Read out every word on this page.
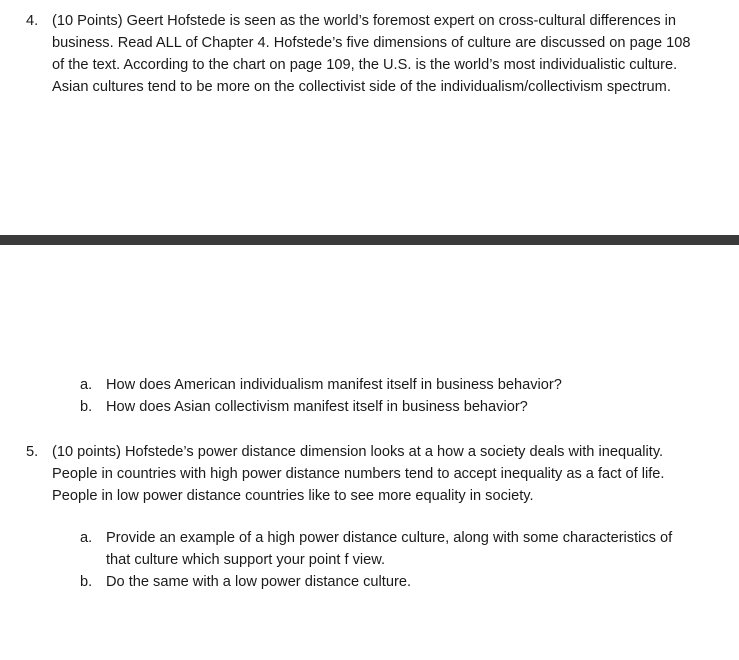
4. (10 Points) Geert Hofstede is seen as the world’s foremost expert on cross-cultural differences in business. Read ALL of Chapter 4. Hofstede’s five dimensions of culture are discussed on page 108 of the text. According to the chart on page 109, the U.S. is the world’s most individualistic culture. Asian cultures tend to be more on the collectivist side of the individualism/collectivism spectrum.
a. How does American individualism manifest itself in business behavior?
b. How does Asian collectivism manifest itself in business behavior?
5. (10 points) Hofstede’s power distance dimension looks at a how a society deals with inequality. People in countries with high power distance numbers tend to accept inequality as a fact of life. People in low power distance countries like to see more equality in society.
a. Provide an example of a high power distance culture, along with some characteristics of that culture which support your point f view.
b. Do the same with a low power distance culture.
